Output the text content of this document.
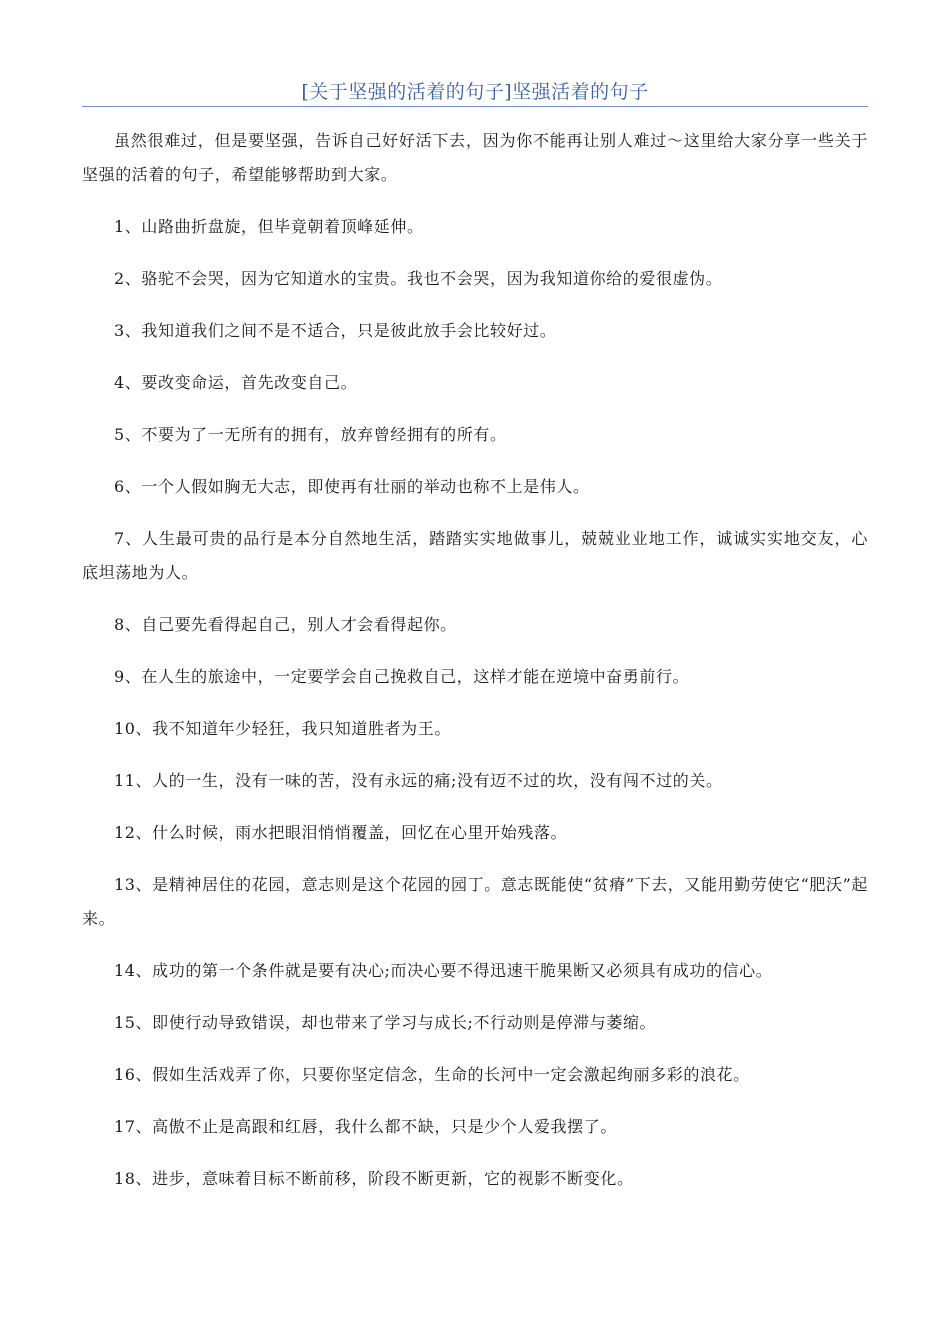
[关于坚强的活着的句子]坚强活着的句子

虽然很难过，但是要坚强，告诉自己好好活下去，因为你不能再让别人难过～这里给大家分享一些关于坚强的活着的句子，希望能够帮助到大家。

1、山路曲折盘旋，但毕竟朝着顶峰延伸。

2、骆驼不会哭，因为它知道水的宝贵。我也不会哭，因为我知道你给的爱很虚伪。

3、我知道我们之间不是不适合，只是彼此放手会比较好过。

4、要改变命运，首先改变自己。

5、不要为了一无所有的拥有，放弃曾经拥有的所有。

6、一个人假如胸无大志，即使再有壮丽的举动也称不上是伟人。

7、人生最可贵的品行是本分自然地生活，踏踏实实地做事儿，兢兢业业地工作，诚诚实实地交友，心底坦荡地为人。

8、自己要先看得起自己，别人才会看得起你。

9、在人生的旅途中，一定要学会自己挽救自己，这样才能在逆境中奋勇前行。

10、我不知道年少轻狂，我只知道胜者为王。

11、人的一生，没有一味的苦，没有永远的痛;没有迈不过的坎，没有闯不过的关。

12、什么时候，雨水把眼泪悄悄覆盖，回忆在心里开始残落。

13、是精神居住的花园，意志则是这个花园的园丁。意志既能使“贫瘠”下去，又能用勤劳使它“肥沃”起来。

14、成功的第一个条件就是要有决心;而决心要不得迅速干脆果断又必须具有成功的信心。

15、即使行动导致错误，却也带来了学习与成长;不行动则是停滞与萎缩。

16、假如生活戏弄了你，只要你坚定信念，生命的长河中一定会激起绚丽多彩的浪花。

17、高傲不止是高跟和红唇，我什么都不缺，只是少个人爱我摆了。

18、进步，意味着目标不断前移，阶段不断更新，它的视影不断变化。
